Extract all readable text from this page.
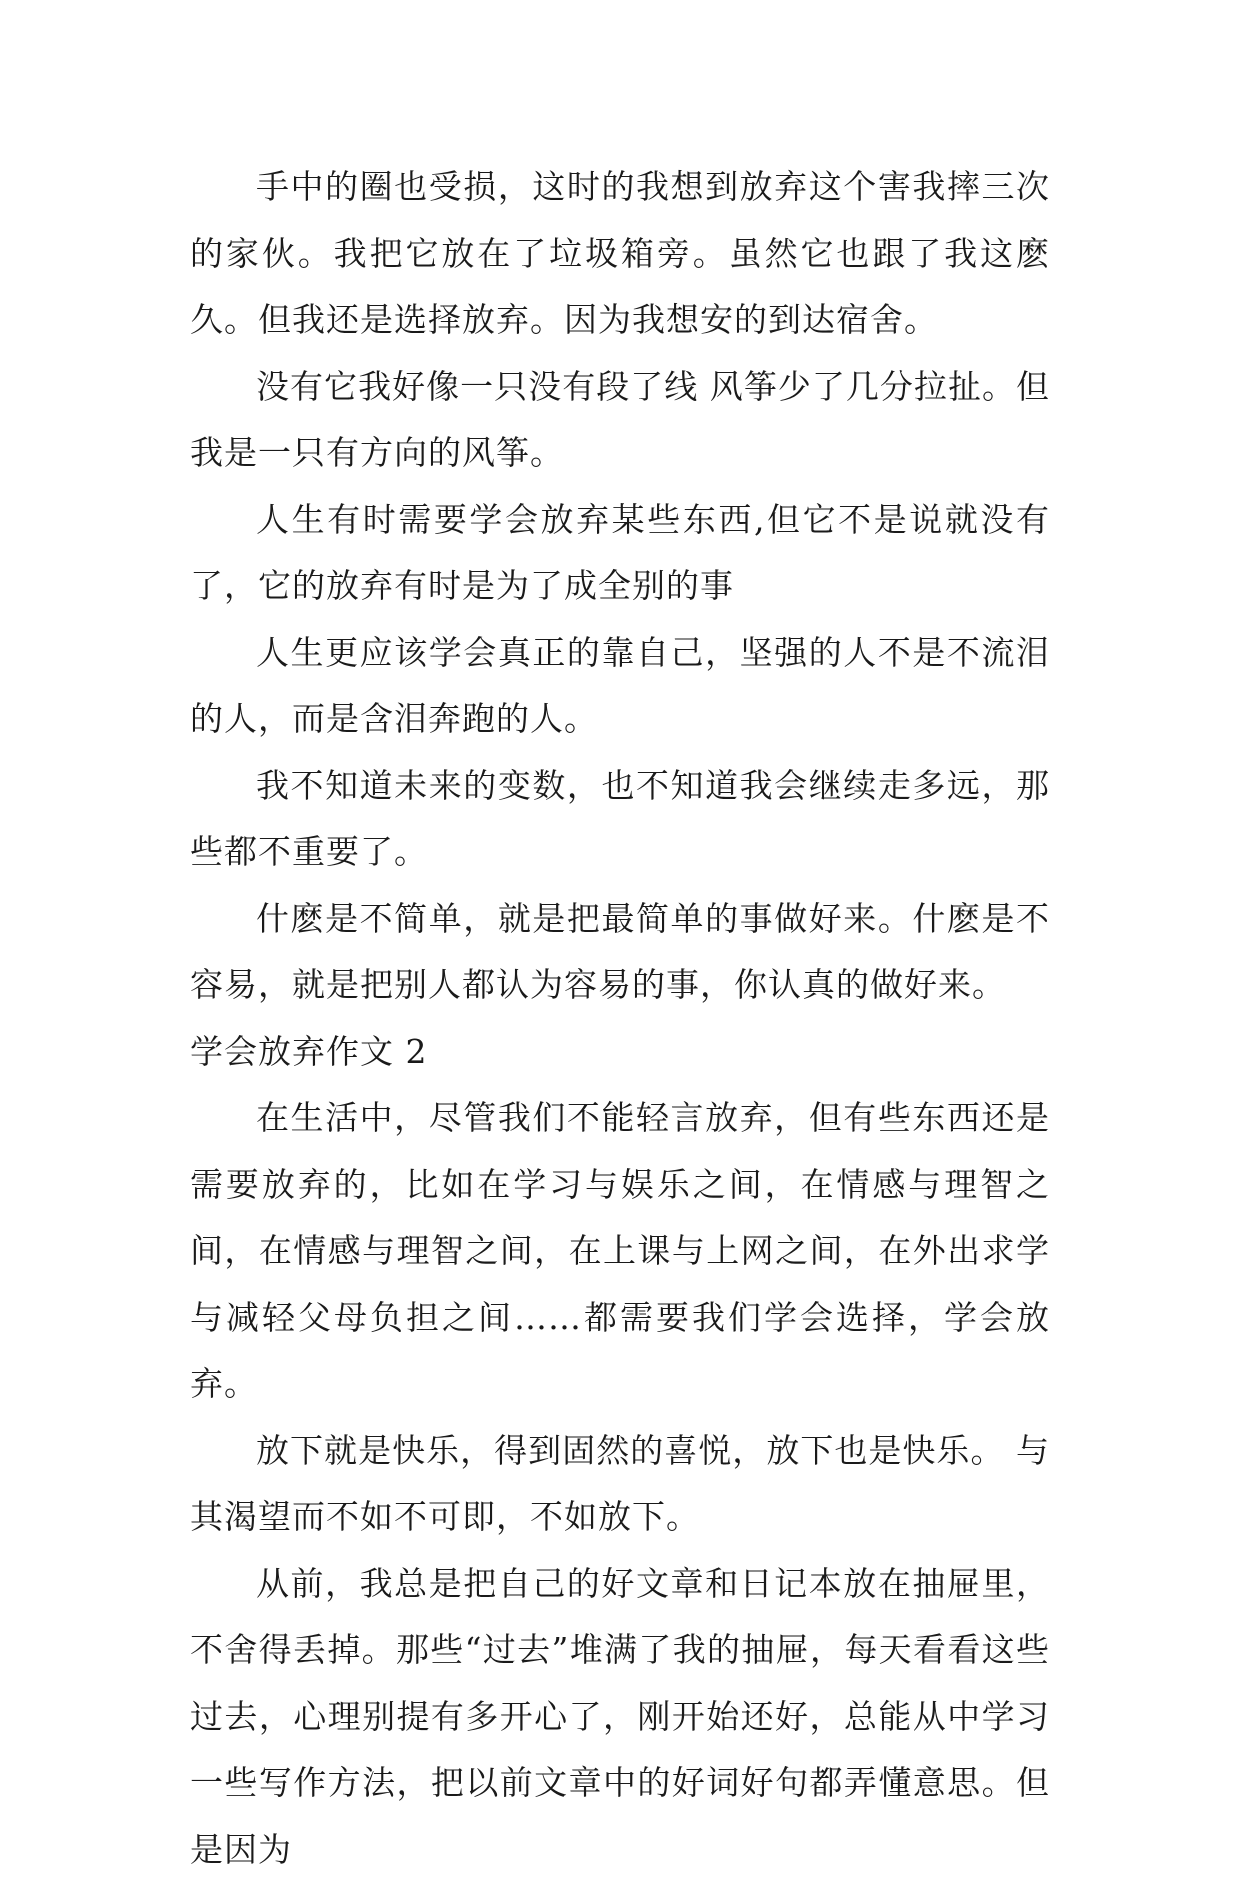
手中的圈也受损，这时的我想到放弃这个害我摔三次的家伙。我把它放在了垃圾箱旁。虽然它也跟了我这麽久。但我还是选择放弃。因为我想安的到达宿舍。

没有它我好像一只没有段了线 风筝少了几分拉扯。但我是一只有方向的风筝。

人生有时需要学会放弃某些东西,但它不是说就没有了，它的放弃有时是为了成全别的事

人生更应该学会真正的靠自己，坚强的人不是不流泪的人，而是含泪奔跑的人。

我不知道未来的变数，也不知道我会继续走多远，那些都不重要了。

什麽是不简单，就是把最简单的事做好来。什麽是不容易，就是把别人都认为容易的事，你认真的做好来。

学会放弃作文 2

在生活中，尽管我们不能轻言放弃，但有些东西还是需要放弃的，比如在学习与娱乐之间，在情感与理智之间，在情感与理智之间，在上课与上网之间，在外出求学与减轻父母负担之间……都需要我们学会选择，学会放弃。

放下就是快乐，得到固然的喜悦，放下也是快乐。 与其渴望而不如不可即，不如放下。

从前，我总是把自己的好文章和日记本放在抽屉里，不舍得丢掉。那些“过去”堆满了我的抽屉，每天看看这些过去，心理别提有多开心了，刚开始还好，总能从中学习一些写作方法，把以前文章中的好词好句都弄懂意思。但是因为
